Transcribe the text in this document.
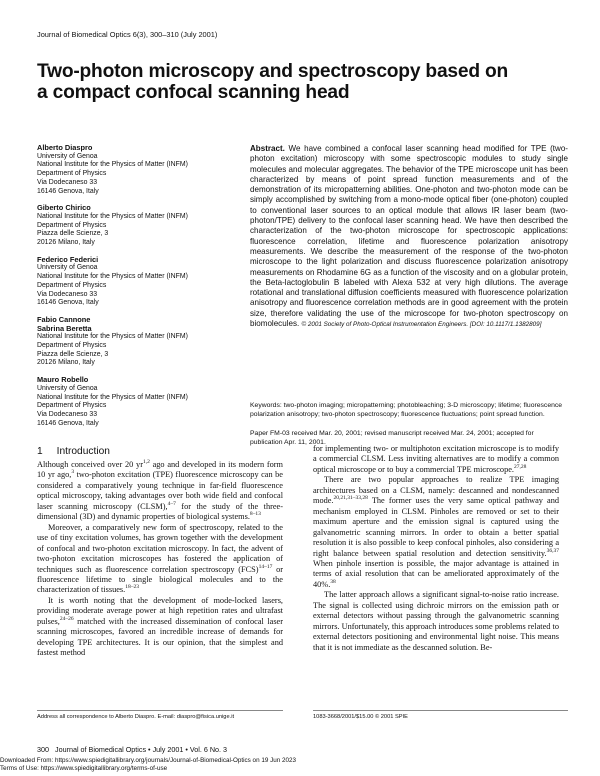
Journal of Biomedical Optics 6(3), 300–310 (July 2001)
Two-photon microscopy and spectroscopy based on a compact confocal scanning head
Alberto Diaspro
University of Genoa
National Institute for the Physics of Matter (INFM)
Department of Physics
Via Dodecaneso 33
16146 Genova, Italy
Giberto Chirico
National Institute for the Physics of Matter (INFM)
Department of Physics
Piazza delle Scienze, 3
20126 Milano, Italy
Federico Federici
University of Genoa
National Institute for the Physics of Matter (INFM)
Department of Physics
Via Dodecaneso 33
16146 Genova, Italy
Fabio Cannone
Sabrina Beretta
National Institute for the Physics of Matter (INFM)
Department of Physics
Piazza delle Scienze, 3
20126 Milano, Italy
Mauro Robello
University of Genoa
National Institute for the Physics of Matter (INFM)
Department of Physics
Via Dodecaneso 33
16146 Genova, Italy

Abstract. We have combined a confocal laser scanning head modified for TPE (two-photon excitation) microscopy with some spectroscopic modules to study single molecules and molecular aggregates. The behavior of the TPE microscope unit has been characterized by means of point spread function measurements and of the demonstration of its micropatterning abilities. One-photon and two-photon mode can be simply accomplished by switching from a mono-mode optical fiber (one-photon) coupled to conventional laser sources to an optical module that allows IR laser beam (two-photon/TPE) delivery to the confocal laser scanning head. We have then described the characterization of the two-photon microscope for spectroscopic applications: fluorescence correlation, lifetime and fluorescence polarization anisotropy measurements. We describe the measurement of the response of the two-photon microscope to the light polarization and discuss fluorescence polarization anisotropy measurements on Rhodamine 6G as a function of the viscosity and on a globular protein, the Beta-lactoglobulin B labeled with Alexa 532 at very high dilutions. The average rotational and translational diffusion coefficients measured with fluorescence polarization anisotropy and fluorescence correlation methods are in good agreement with the protein size, therefore validating the use of the microscope for two-photon spectroscopy on biomolecules. © 2001 Society of Photo-Optical Instrumentation Engineers. [DOI: 10.1117/1.1382809]

Keywords: two-photon imaging; micropatterning; photobleaching; 3-D microscopy; lifetime; fluorescence polarization anisotropy; two-photon spectroscopy; fluorescence fluctuations; point spread function.

Paper FM-03 received Mar. 20, 2001; revised manuscript received Mar. 24, 2001; accepted for publication Apr. 11, 2001.

1 Introduction

Although conceived over 20 yr$^{1,2}$ ago and developed in its modern form 10 yr ago,$^3$ two-photon excitation (TPE) fluorescence microscopy can be considered a comparatively young technique in far-field fluorescence optical microscopy, taking advantages over both wide field and confocal laser scanning microscopy (CLSM),$^{4-7}$ for the study of the three-dimensional (3D) and dynamic properties of biological systems.$^{8-13}$

Moreover, a comparatively new form of spectroscopy, related to the use of tiny excitation volumes, has grown together with the development of confocal and two-photon excitation microscopy. In fact, the advent of two-photon excitation microscopes has fostered the application of techniques such as fluorescence correlation spectroscopy (FCS)$^{14-17}$ or fluorescence lifetime to single biological molecules and to the characterization of tissues.$^{18-23}$

It is worth noting that the development of mode-locked lasers, providing moderate average power at high repetition rates and ultrafast pulses,$^{24-26}$ matched with the increased dissemination of confocal laser scanning microscopes, favored an incredible increase of demands for developing TPE architectures. It is our opinion, that the simplest and fastest method

for implementing two- or multiphoton excitation microscope is to modify a commercial CLSM. Less inviting alternatives are to modify a common optical microscope or to buy a commercial TPE microscope.$^{27,28}$

There are two popular approaches to realize TPE imaging architectures based on a CLSM, namely: descanned and nondescanned mode.$^{20,21,31-33,28}$ The former uses the very same optical pathway and mechanism employed in CLSM. Pinholes are removed or set to their maximum aperture and the emission signal is captured using the galvanometric scanning mirrors. In order to obtain a better spatial resolution it is also possible to keep confocal pinholes, also considering a right balance between spatial resolution and detection sensitivity.$^{36,37}$ When pinhole insertion is possible, the major advantage is attained in terms of axial resolution that can be ameliorated approximately of the 40%.$^{38}$

The latter approach allows a significant signal-to-noise ratio increase. The signal is collected using dichroic mirrors on the emission path or external detectors without passing through the galvanometric scanning mirrors. Unfortunately, this approach introduces some problems related to external detectors positioning and environmental light noise. This means that it is not immediate as the descanned solution. Be-

Address all correspondence to Alberto Diaspro. E-mail: diaspro@fisica.unige.it	1083-3668/2001/$15.00 © 2001 SPIE
300   Journal of Biomedical Optics • July 2001 • Vol. 6 No. 3
Downloaded From: https://www.spiedigitallibrary.org/journals/Journal-of-Biomedical-Optics on 19 Jun 2023
Terms of Use: https://www.spiedigitallibrary.org/terms-of-use
